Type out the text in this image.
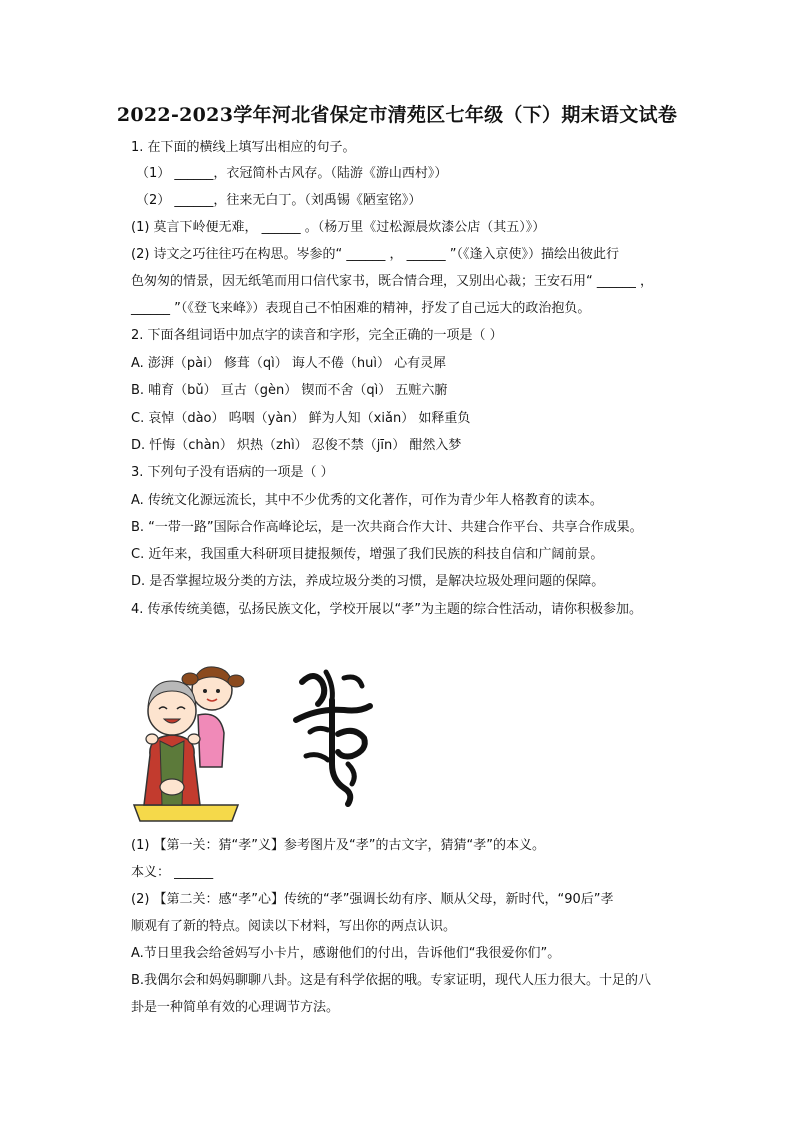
2022-2023学年河北省保定市清苑区七年级（下）期末语文试卷
1. 在下面的横线上填写出相应的句子。
（1） ______，衣冠简朴古风存。（陆游《游山西村》）
（2） ______，往来无白丁。（刘禹锡《陋室铭》）
(1) 莫言下岭便无难， ______ 。（杨万里《过松源晨炊漆公店（其五）》）
(2) 诗文之巧往往巧在构思。岑参的“ ______ ， ______ ”（《逢入京使》）描绘出彼此行
色匆匆的情景，因无纸笔而用口信代家书，既合情合理，又别出心裁；王安石用“ ______ ，
______ ”（《登飞来峰》）表现自己不怕困难的精神，抒发了自己远大的政治抱负。
2. 下面各组词语中加点字的读音和字形，完全正确的一项是（ ）
A. 澎湃（pài） 修葺（qì） 诲人不倦（huì） 心有灵犀
B. 哺育（bǔ） 亘古（gèn） 锲而不舍（qì） 五赃六腑
C. 哀悼（dào） 呜咽（yàn） 鲜为人知（xiǎn） 如释重负
D. 忏悔（chàn） 炽热（zhì） 忍俊不禁（jīn） 酣然入梦
3. 下列句子没有语病的一项是（ ）
A. 传统文化源远流长，其中不少优秀的文化著作，可作为青少年人格教育的读本。
B. “一带一路”国际合作高峰论坛，是一次共商合作大计、共建合作平台、共享合作成果。
C. 近年来，我国重大科研项目捷报频传，增强了我们民族的科技自信和广阔前景。
D. 是否掌握垃圾分类的方法，养成垃圾分类的习惯，是解决垃圾处理问题的保障。
4. 传承传统美德，弘扬民族文化，学校开展以“孝”为主题的综合性活动，请你积极参加。
(1) 【第一关：猜“孝”义】参考图片及“孝”的古文字，猜猜“孝”的本义。
本义： ______
(2) 【第二关：感“孝”心】传统的“孝”强调长幼有序、顺从父母，新时代，“90后”孝
顺观有了新的特点。阅读以下材料，写出你的两点认识。
A.节日里我会给爸妈写小卡片，感谢他们的付出，告诉他们“我很爱你们”。
B.我偶尔会和妈妈聊聊八卦。这是有科学依据的哦。专家证明，现代人压力很大。十足的八
卦是一种简单有效的心理调节方法。
